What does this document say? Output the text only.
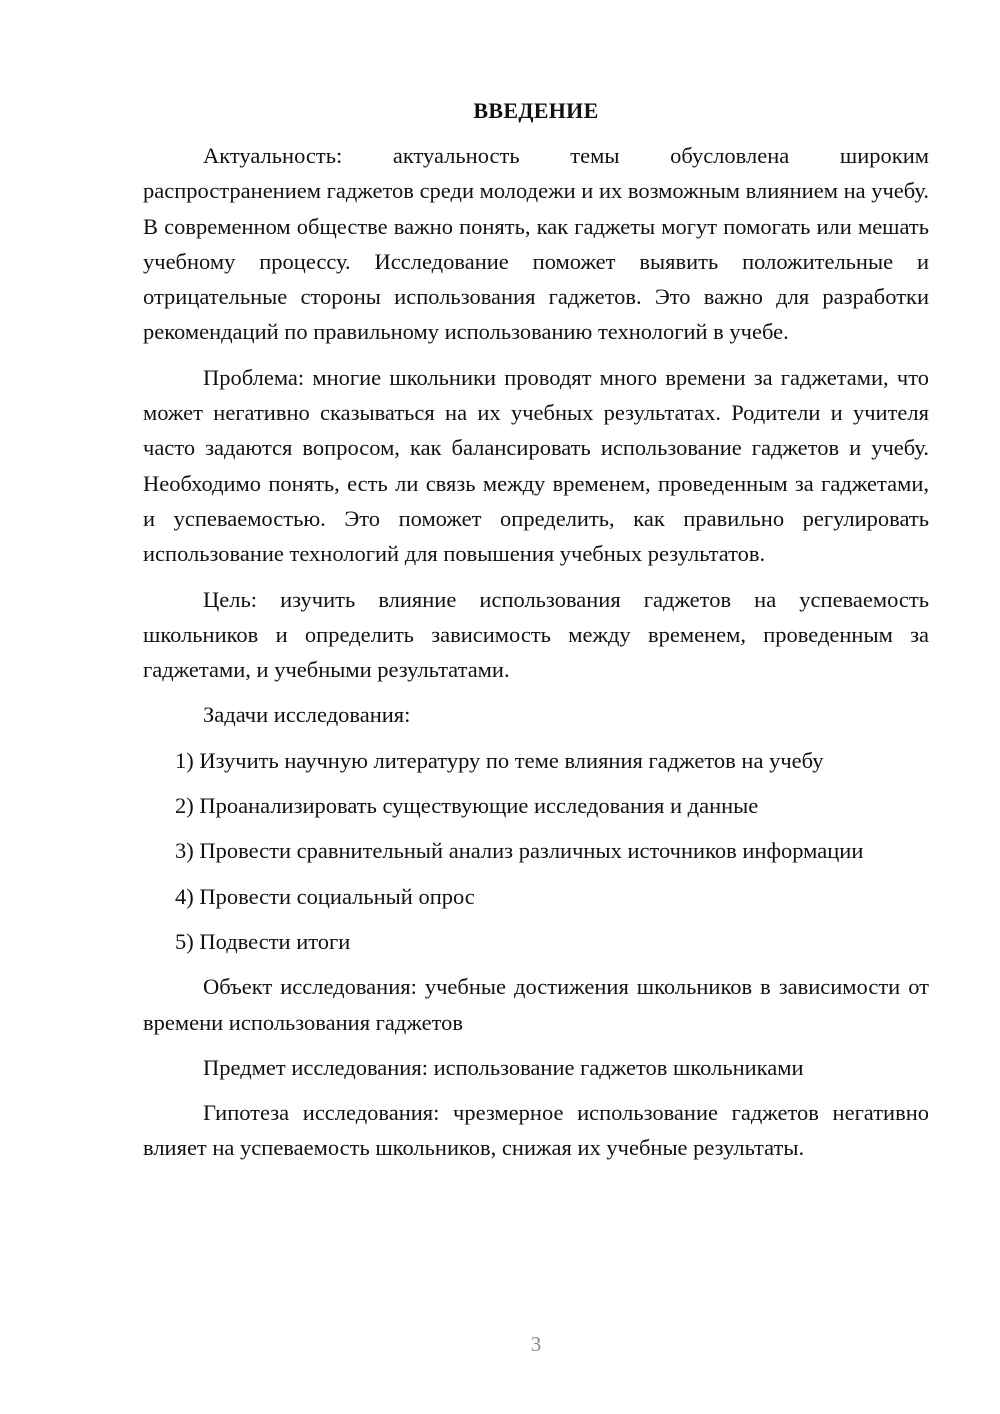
ВВЕДЕНИЕ

Актуальность: актуальность темы обусловлена широким распространением гаджетов среди молодежи и их возможным влиянием на учебу. В современном обществе важно понять, как гаджеты могут помогать или мешать учебному процессу. Исследование поможет выявить положительные и отрицательные стороны использования гаджетов. Это важно для разработки рекомендаций по правильному использованию технологий в учебе.

Проблема: многие школьники проводят много времени за гаджетами, что может негативно сказываться на их учебных результатах. Родители и учителя часто задаются вопросом, как балансировать использование гаджетов и учебу. Необходимо понять, есть ли связь между временем, проведенным за гаджетами, и успеваемостью. Это поможет определить, как правильно регулировать использование технологий для повышения учебных результатов.

Цель: изучить влияние использования гаджетов на успеваемость школьников и определить зависимость между временем, проведенным за гаджетами, и учебными результатами.

Задачи исследования:

1) Изучить научную литературу по теме влияния гаджетов на учебу

2) Проанализировать существующие исследования и данные

3) Провести сравнительный анализ различных источников информации

4) Провести социальный опрос

5) Подвести итоги

Объект исследования: учебные достижения школьников в зависимости от времени использования гаджетов

Предмет исследования: использование гаджетов школьниками

Гипотеза исследования: чрезмерное использование гаджетов негативно влияет на успеваемость школьников, снижая их учебные результаты.

3
